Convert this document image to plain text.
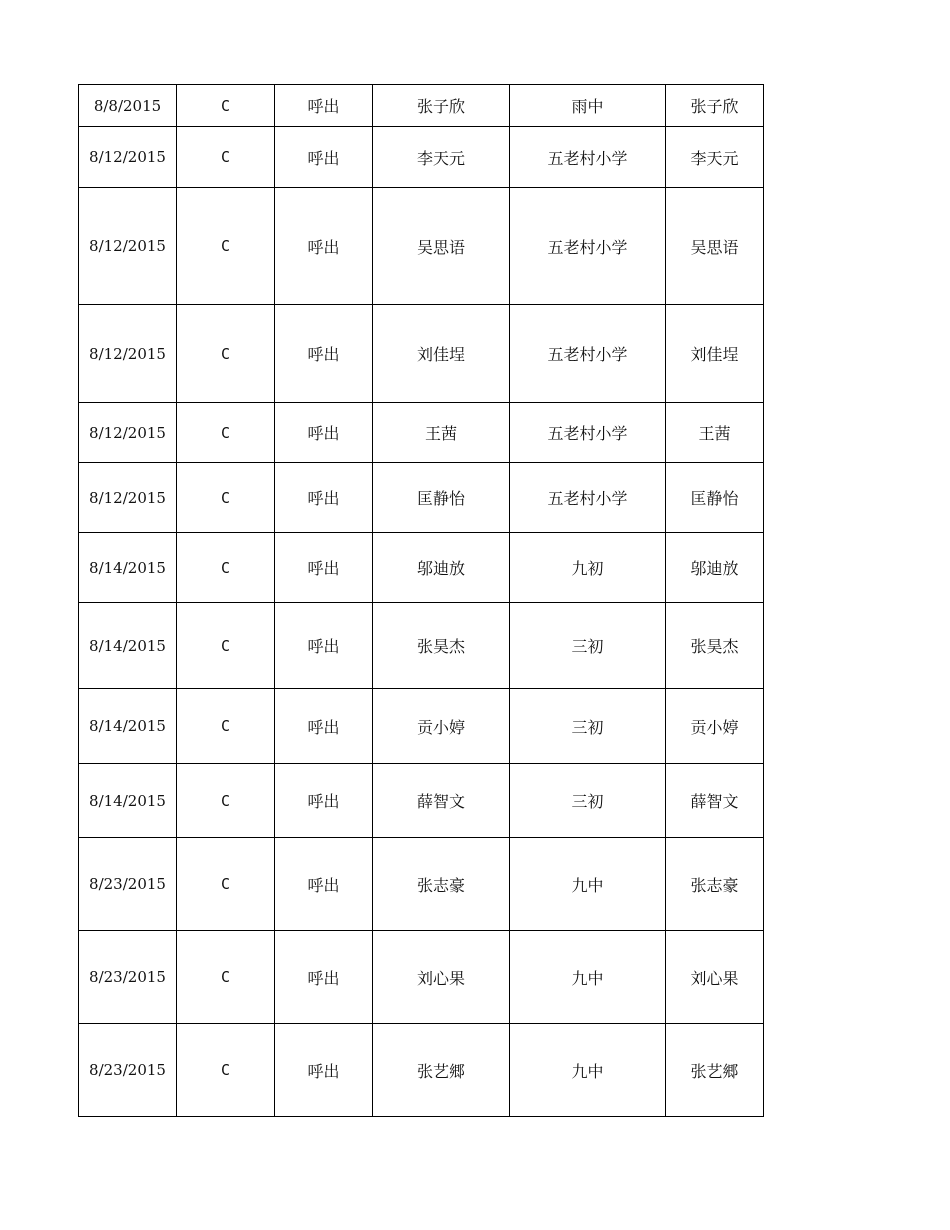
8/8/2015	C	呼出	张子欣	雨中	张子欣
8/12/2015	C	呼出	李天元	五老村小学	李天元
8/12/2015	C	呼出	吴思语	五老村小学	吴思语
8/12/2015	C	呼出	刘佳埕	五老村小学	刘佳埕
8/12/2015	C	呼出	王茜	五老村小学	王茜
8/12/2015	C	呼出	匡静怡	五老村小学	匡静怡
8/14/2015	C	呼出	邬迪放	九初	邬迪放
8/14/2015	C	呼出	张昊杰	三初	张昊杰
8/14/2015	C	呼出	贡小婷	三初	贡小婷
8/14/2015	C	呼出	薛智文	三初	薛智文
8/23/2015	C	呼出	张志豪	九中	张志豪
8/23/2015	C	呼出	刘心果	九中	刘心果
8/23/2015	C	呼出	张艺郷	九中	张艺郷
